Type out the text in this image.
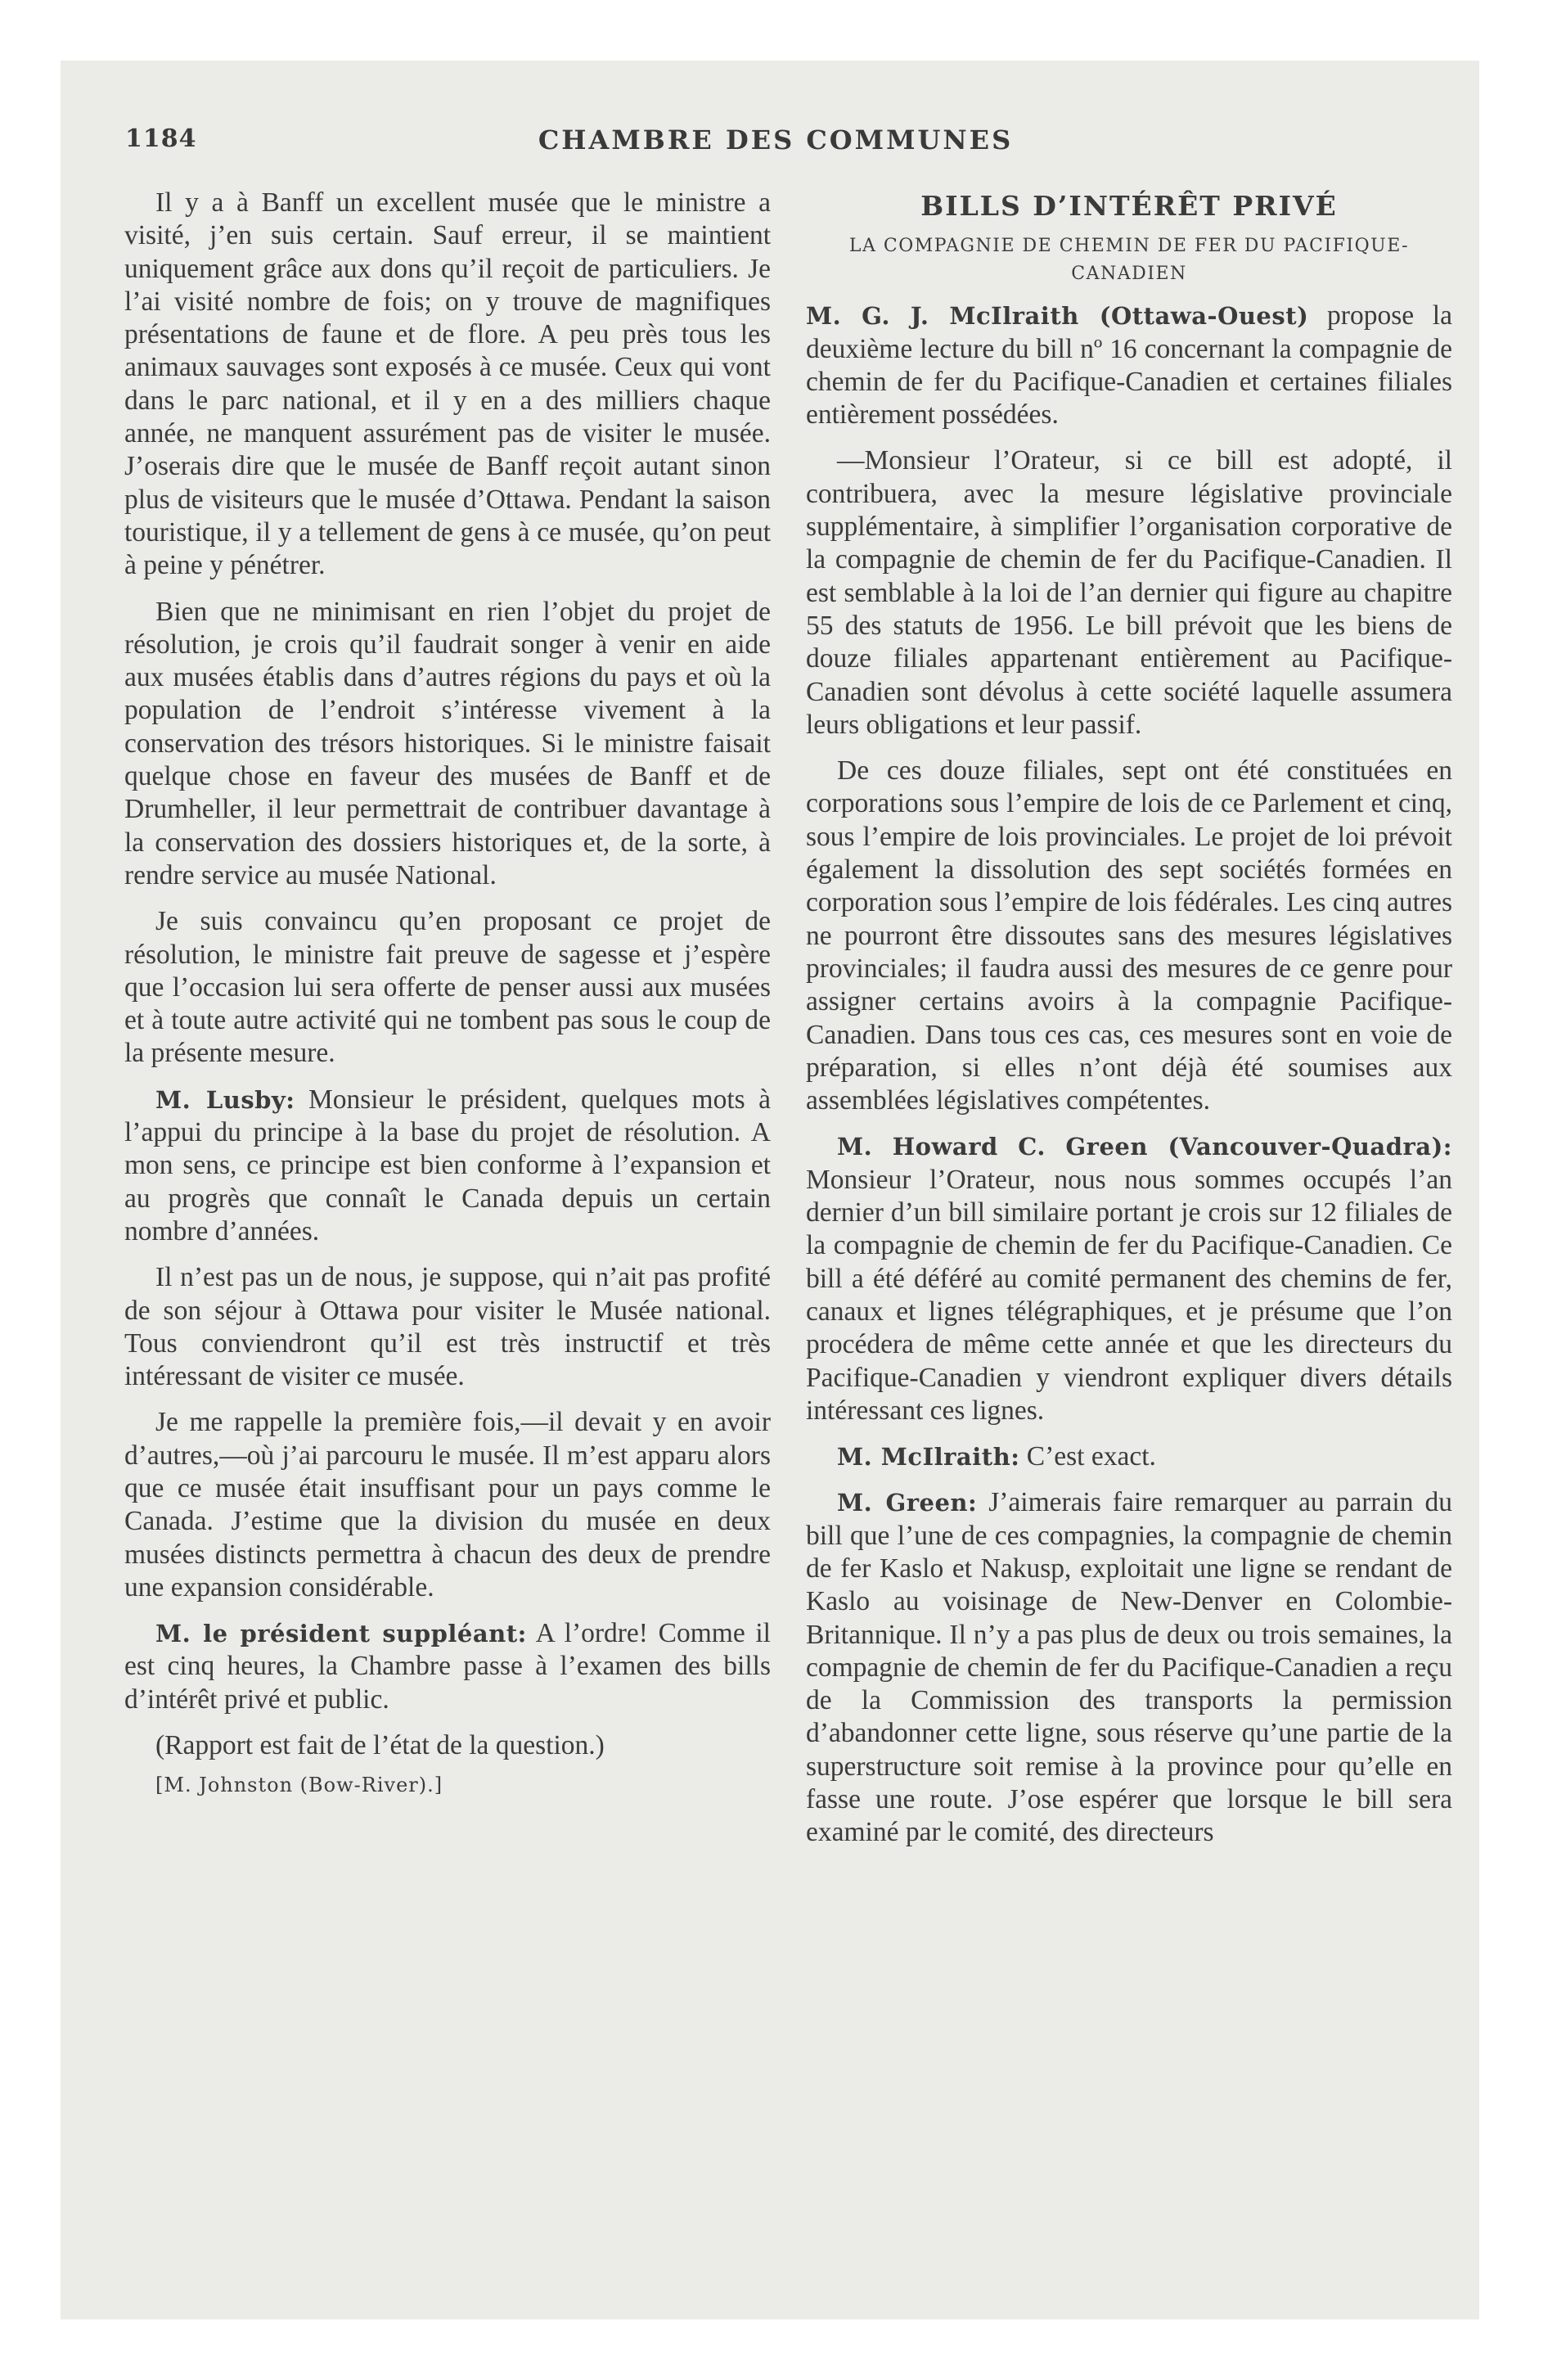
1184	CHAMBRE DES COMMUNES

Il y a à Banff un excellent musée que le ministre a visité, j’en suis certain. Sauf erreur, il se maintient uniquement grâce aux dons qu’il reçoit de particuliers. Je l’ai visité nombre de fois; on y trouve de magnifiques présentations de faune et de flore. A peu près tous les animaux sauvages sont exposés à ce musée. Ceux qui vont dans le parc national, et il y en a des milliers chaque année, ne manquent assurément pas de visiter le musée. J’oserais dire que le musée de Banff reçoit autant sinon plus de visiteurs que le musée d’Ottawa. Pendant la saison touristique, il y a tellement de gens à ce musée, qu’on peut à peine y pénétrer.

Bien que ne minimisant en rien l’objet du projet de résolution, je crois qu’il faudrait songer à venir en aide aux musées établis dans d’autres régions du pays et où la population de l’endroit s’intéresse vivement à la conservation des trésors historiques. Si le ministre faisait quelque chose en faveur des musées de Banff et de Drumheller, il leur permettrait de contribuer davantage à la conservation des dossiers historiques et, de la sorte, à rendre service au musée National.

Je suis convaincu qu’en proposant ce projet de résolution, le ministre fait preuve de sagesse et j’espère que l’occasion lui sera offerte de penser aussi aux musées et à toute autre activité qui ne tombent pas sous le coup de la présente mesure.

M. Lusby: Monsieur le président, quelques mots à l’appui du principe à la base du projet de résolution. A mon sens, ce principe est bien conforme à l’expansion et au progrès que connaît le Canada depuis un certain nombre d’années.

Il n’est pas un de nous, je suppose, qui n’ait pas profité de son séjour à Ottawa pour visiter le Musée national. Tous conviendront qu’il est très instructif et très intéressant de visiter ce musée.

Je me rappelle la première fois,—il devait y en avoir d’autres,—où j’ai parcouru le musée. Il m’est apparu alors que ce musée était insuffisant pour un pays comme le Canada. J’estime que la division du musée en deux musées distincts permettra à chacun des deux de prendre une expansion considérable.

M. le président suppléant: A l’ordre! Comme il est cinq heures, la Chambre passe à l’examen des bills d’intérêt privé et public.

(Rapport est fait de l’état de la question.)

[M. Johnston (Bow-River).]
BILLS D’INTÉRÊT PRIVÉ
LA COMPAGNIE DE CHEMIN DE FER DU PACIFIQUE-CANADIEN

M. G. J. McIlraith (Ottawa-Ouest) propose la deuxième lecture du bill nº 16 concernant la compagnie de chemin de fer du Pacifique-Canadien et certaines filiales entièrement possédées.

—Monsieur l’Orateur, si ce bill est adopté, il contribuera, avec la mesure législative provinciale supplémentaire, à simplifier l’organisation corporative de la compagnie de chemin de fer du Pacifique-Canadien. Il est semblable à la loi de l’an dernier qui figure au chapitre 55 des statuts de 1956. Le bill prévoit que les biens de douze filiales appartenant entièrement au Pacifique-Canadien sont dévolus à cette société laquelle assumera leurs obligations et leur passif.

De ces douze filiales, sept ont été constituées en corporations sous l’empire de lois de ce Parlement et cinq, sous l’empire de lois provinciales. Le projet de loi prévoit également la dissolution des sept sociétés formées en corporation sous l’empire de lois fédérales. Les cinq autres ne pourront être dissoutes sans des mesures législatives provinciales; il faudra aussi des mesures de ce genre pour assigner certains avoirs à la compagnie Pacifique-Canadien. Dans tous ces cas, ces mesures sont en voie de préparation, si elles n’ont déjà été soumises aux assemblées législatives compétentes.

M. Howard C. Green (Vancouver-Quadra): Monsieur l’Orateur, nous nous sommes occupés l’an dernier d’un bill similaire portant je crois sur 12 filiales de la compagnie de chemin de fer du Pacifique-Canadien. Ce bill a été déféré au comité permanent des chemins de fer, canaux et lignes télégraphiques, et je présume que l’on procédera de même cette année et que les directeurs du Pacifique-Canadien y viendront expliquer divers détails intéressant ces lignes.

M. McIlraith: C’est exact.

M. Green: J’aimerais faire remarquer au parrain du bill que l’une de ces compagnies, la compagnie de chemin de fer Kaslo et Nakusp, exploitait une ligne se rendant de Kaslo au voisinage de New-Denver en Colombie-Britannique. Il n’y a pas plus de deux ou trois semaines, la compagnie de chemin de fer du Pacifique-Canadien a reçu de la Commission des transports la permission d’abandonner cette ligne, sous réserve qu’une partie de la superstructure soit remise à la province pour qu’elle en fasse une route. J’ose espérer que lorsque le bill sera examiné par le comité, des directeurs
